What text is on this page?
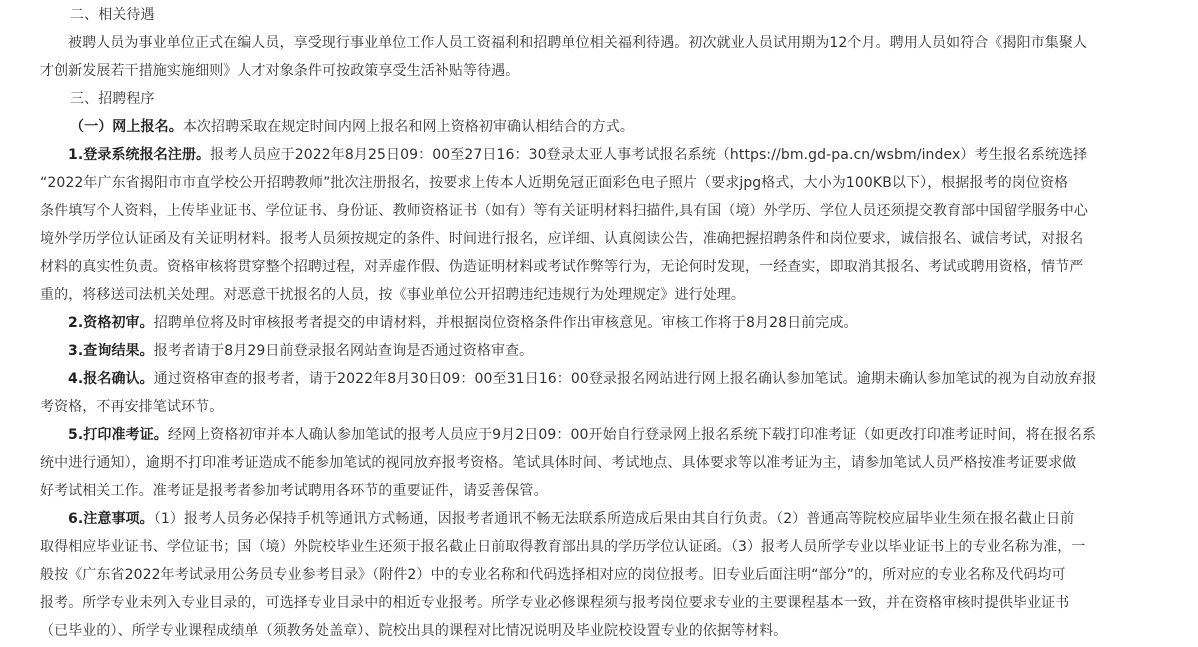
二、相关待遇
被聘人员为事业单位正式在编人员，享受现行事业单位工作人员工资福利和招聘单位相关福利待遇。初次就业人员试用期为12个月。聘用人员如符合《揭阳市集聚人
才创新发展若干措施实施细则》人才对象条件可按政策享受生活补贴等待遇。
三、招聘程序
（一）网上报名。本次招聘采取在规定时间内网上报名和网上资格初审确认相结合的方式。
1.登录系统报名注册。报考人员应于2022年8月25日09：00至27日16：30登录太亚人事考试报名系统（https://bm.gd-pa.cn/wsbm/index）考生报名系统选择
“2022年广东省揭阳市市直学校公开招聘教师”批次注册报名，按要求上传本人近期免冠正面彩色电子照片（要求jpg格式，大小为100KB以下），根据报考的岗位资格
条件填写个人资料，上传毕业证书、学位证书、身份证、教师资格证书（如有）等有关证明材料扫描件,具有国（境）外学历、学位人员还须提交教育部中国留学服务中心
境外学历学位认证函及有关证明材料。报考人员须按规定的条件、时间进行报名，应详细、认真阅读公告，准确把握招聘条件和岗位要求，诚信报名、诚信考试，对报名
材料的真实性负责。资格审核将贯穿整个招聘过程，对弄虚作假、伪造证明材料或考试作弊等行为，无论何时发现，一经查实，即取消其报名、考试或聘用资格，情节严
重的，将移送司法机关处理。对恶意干扰报名的人员，按《事业单位公开招聘违纪违规行为处理规定》进行处理。
2.资格初审。招聘单位将及时审核报考者提交的申请材料，并根据岗位资格条件作出审核意见。审核工作将于8月28日前完成。
3.查询结果。报考者请于8月29日前登录报名网站查询是否通过资格审查。
4.报名确认。通过资格审查的报考者，请于2022年8月30日09：00至31日16：00登录报名网站进行网上报名确认参加笔试。逾期未确认参加笔试的视为自动放弃报
考资格，不再安排笔试环节。
5.打印准考证。经网上资格初审并本人确认参加笔试的报考人员应于9月2日09：00开始自行登录网上报名系统下载打印准考证（如更改打印准考证时间，将在报名系
统中进行通知），逾期不打印准考证造成不能参加笔试的视同放弃报考资格。笔试具体时间、考试地点、具体要求等以准考证为主，请参加笔试人员严格按准考证要求做
好考试相关工作。准考证是报考者参加考试聘用各环节的重要证件，请妥善保管。
6.注意事项。（1）报考人员务必保持手机等通讯方式畅通，因报考者通讯不畅无法联系所造成后果由其自行负责。（2）普通高等院校应届毕业生须在报名截止日前
取得相应毕业证书、学位证书；国（境）外院校毕业生还须于报名截止日前取得教育部出具的学历学位认证函。（3）报考人员所学专业以毕业证书上的专业名称为准，一
般按《广东省2022年考试录用公务员专业参考目录》（附件2）中的专业名称和代码选择相对应的岗位报考。旧专业后面注明“部分”的，所对应的专业名称及代码均可
报考。所学专业未列入专业目录的，可选择专业目录中的相近专业报考。所学专业必修课程须与报考岗位要求专业的主要课程基本一致，并在资格审核时提供毕业证书
（已毕业的）、所学专业课程成绩单（须教务处盖章）、院校出具的课程对比情况说明及毕业院校设置专业的依据等材料。
